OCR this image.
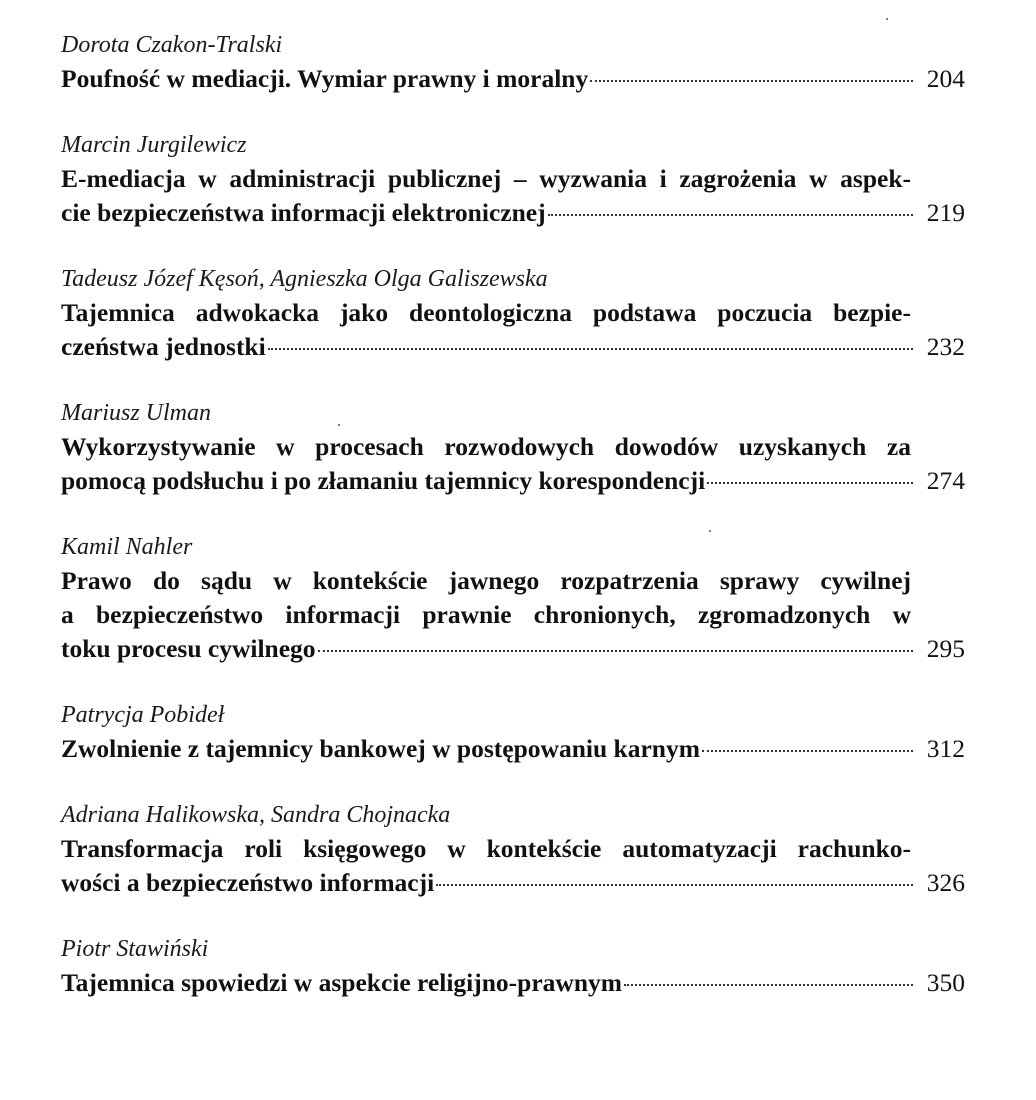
Dorota Czakon-Tralski
Poufność w mediacji. Wymiar prawny i moralny	204
Marcin Jurgilewicz
E-mediacja w administracji publicznej – wyzwania i zagrożenia w aspek-
cie bezpieczeństwa informacji elektronicznej	219
Tadeusz Józef Kęsoń, Agnieszka Olga Galiszewska
Tajemnica adwokacka jako deontologiczna podstawa poczucia bezpie-
czeństwa jednostki	232
Mariusz Ulman
Wykorzystywanie w procesach rozwodowych dowodów uzyskanych za
pomocą podsłuchu i po złamaniu tajemnicy korespondencji	274
Kamil Nahler
Prawo do sądu w kontekście jawnego rozpatrzenia sprawy cywilnej
a bezpieczeństwo informacji prawnie chronionych, zgromadzonych w
toku procesu cywilnego	295
Patrycja Pobideł
Zwolnienie z tajemnicy bankowej w postępowaniu karnym	312
Adriana Halikowska, Sandra Chojnacka
Transformacja roli księgowego w kontekście automatyzacji rachunko-
wości a bezpieczeństwo informacji	326
Piotr Stawiński
Tajemnica spowiedzi w aspekcie religijno-prawnym	350
